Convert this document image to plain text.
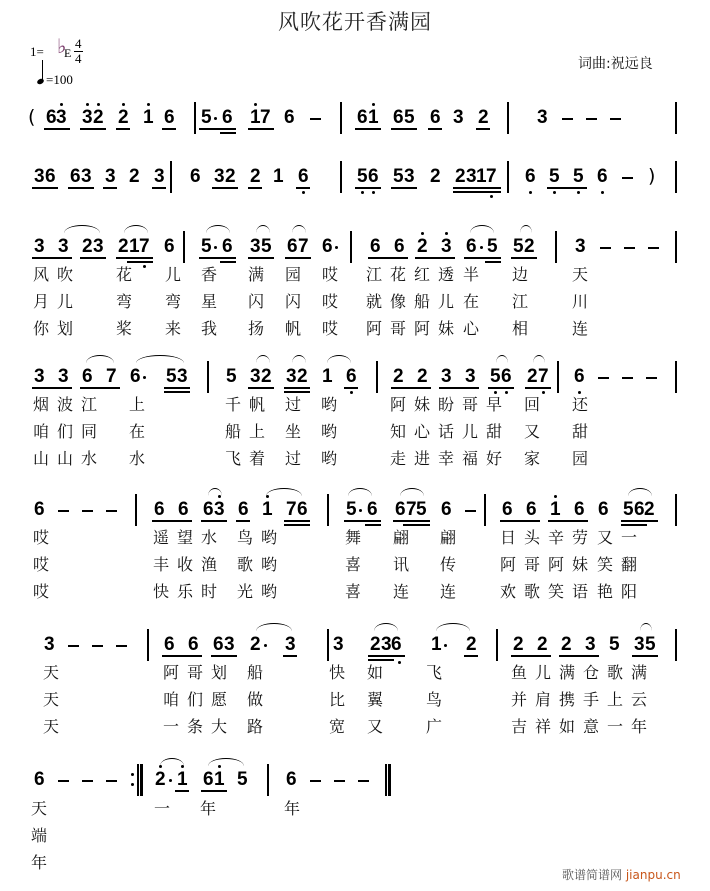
风吹花开香满园
1= ♭
E
4
4
=100
词曲:祝远良
( 6 3 3 2 2 1 6 5 6 1 7 6	6 1 6 5 6 3 2	3
3 6 6 3 3 2 3 6 3 2 2 1 6	5 6 5 3 2 2 3 1 7 6 5 5 6 )
3 3 2 3 2 1 7 6 5 6 3 5 6 7 6 6 6 2 3 6 5 5 2 3
3 3 6 7 6 5 3 5 3 2 3 2 1 6 2 2 3 3 5 6 2 7 6
6	6 6 6 3 6 1 7 6 5 6 6 7 5 6	6 6 1 6 6 5 6 2
3	6 6 6 3 2 3 3 2 3 6 1 2 2 2 2 3 5 3 5
6	2 1 6 1 5 6
风 吹	花 儿 香 满 园 哎 江 花 红 透 半 边	天
月 儿	弯 弯 星 闪 闪 哎 就 像 船 儿 在 江	川
你 划	桨 来 我 扬 帆 哎 阿 哥 阿 妹 心 相	连
烟 波 江 上	千 帆 过 哟	阿 妹 盼 哥 早 回 还
咱 们 同 在	船 上 坐 哟	知 心 话 儿 甜 又 甜
山 山 水 水	飞 着 过 哟	走 进 幸 福 好 家 园
哎	遥 望 水 鸟 哟	舞 翩 翩	日 头 辛 劳 又 一
哎	丰 收 渔 歌 哟	喜 讯 传	阿 哥 阿 妹 笑 翻
哎	快 乐 时 光 哟	喜 连 连	欢 歌 笑 语 艳 阳
天	阿 哥 划 船	快 如	飞	鱼 儿 满 仓 歌 满
天	咱 们 愿 做	比 翼	鸟	并 肩 携 手 上 云
天	一 条 大 路	宽 又	广	吉 祥 如 意 一 年
天	一 年	年
端
年
歌谱简谱网 jianpu.cn
